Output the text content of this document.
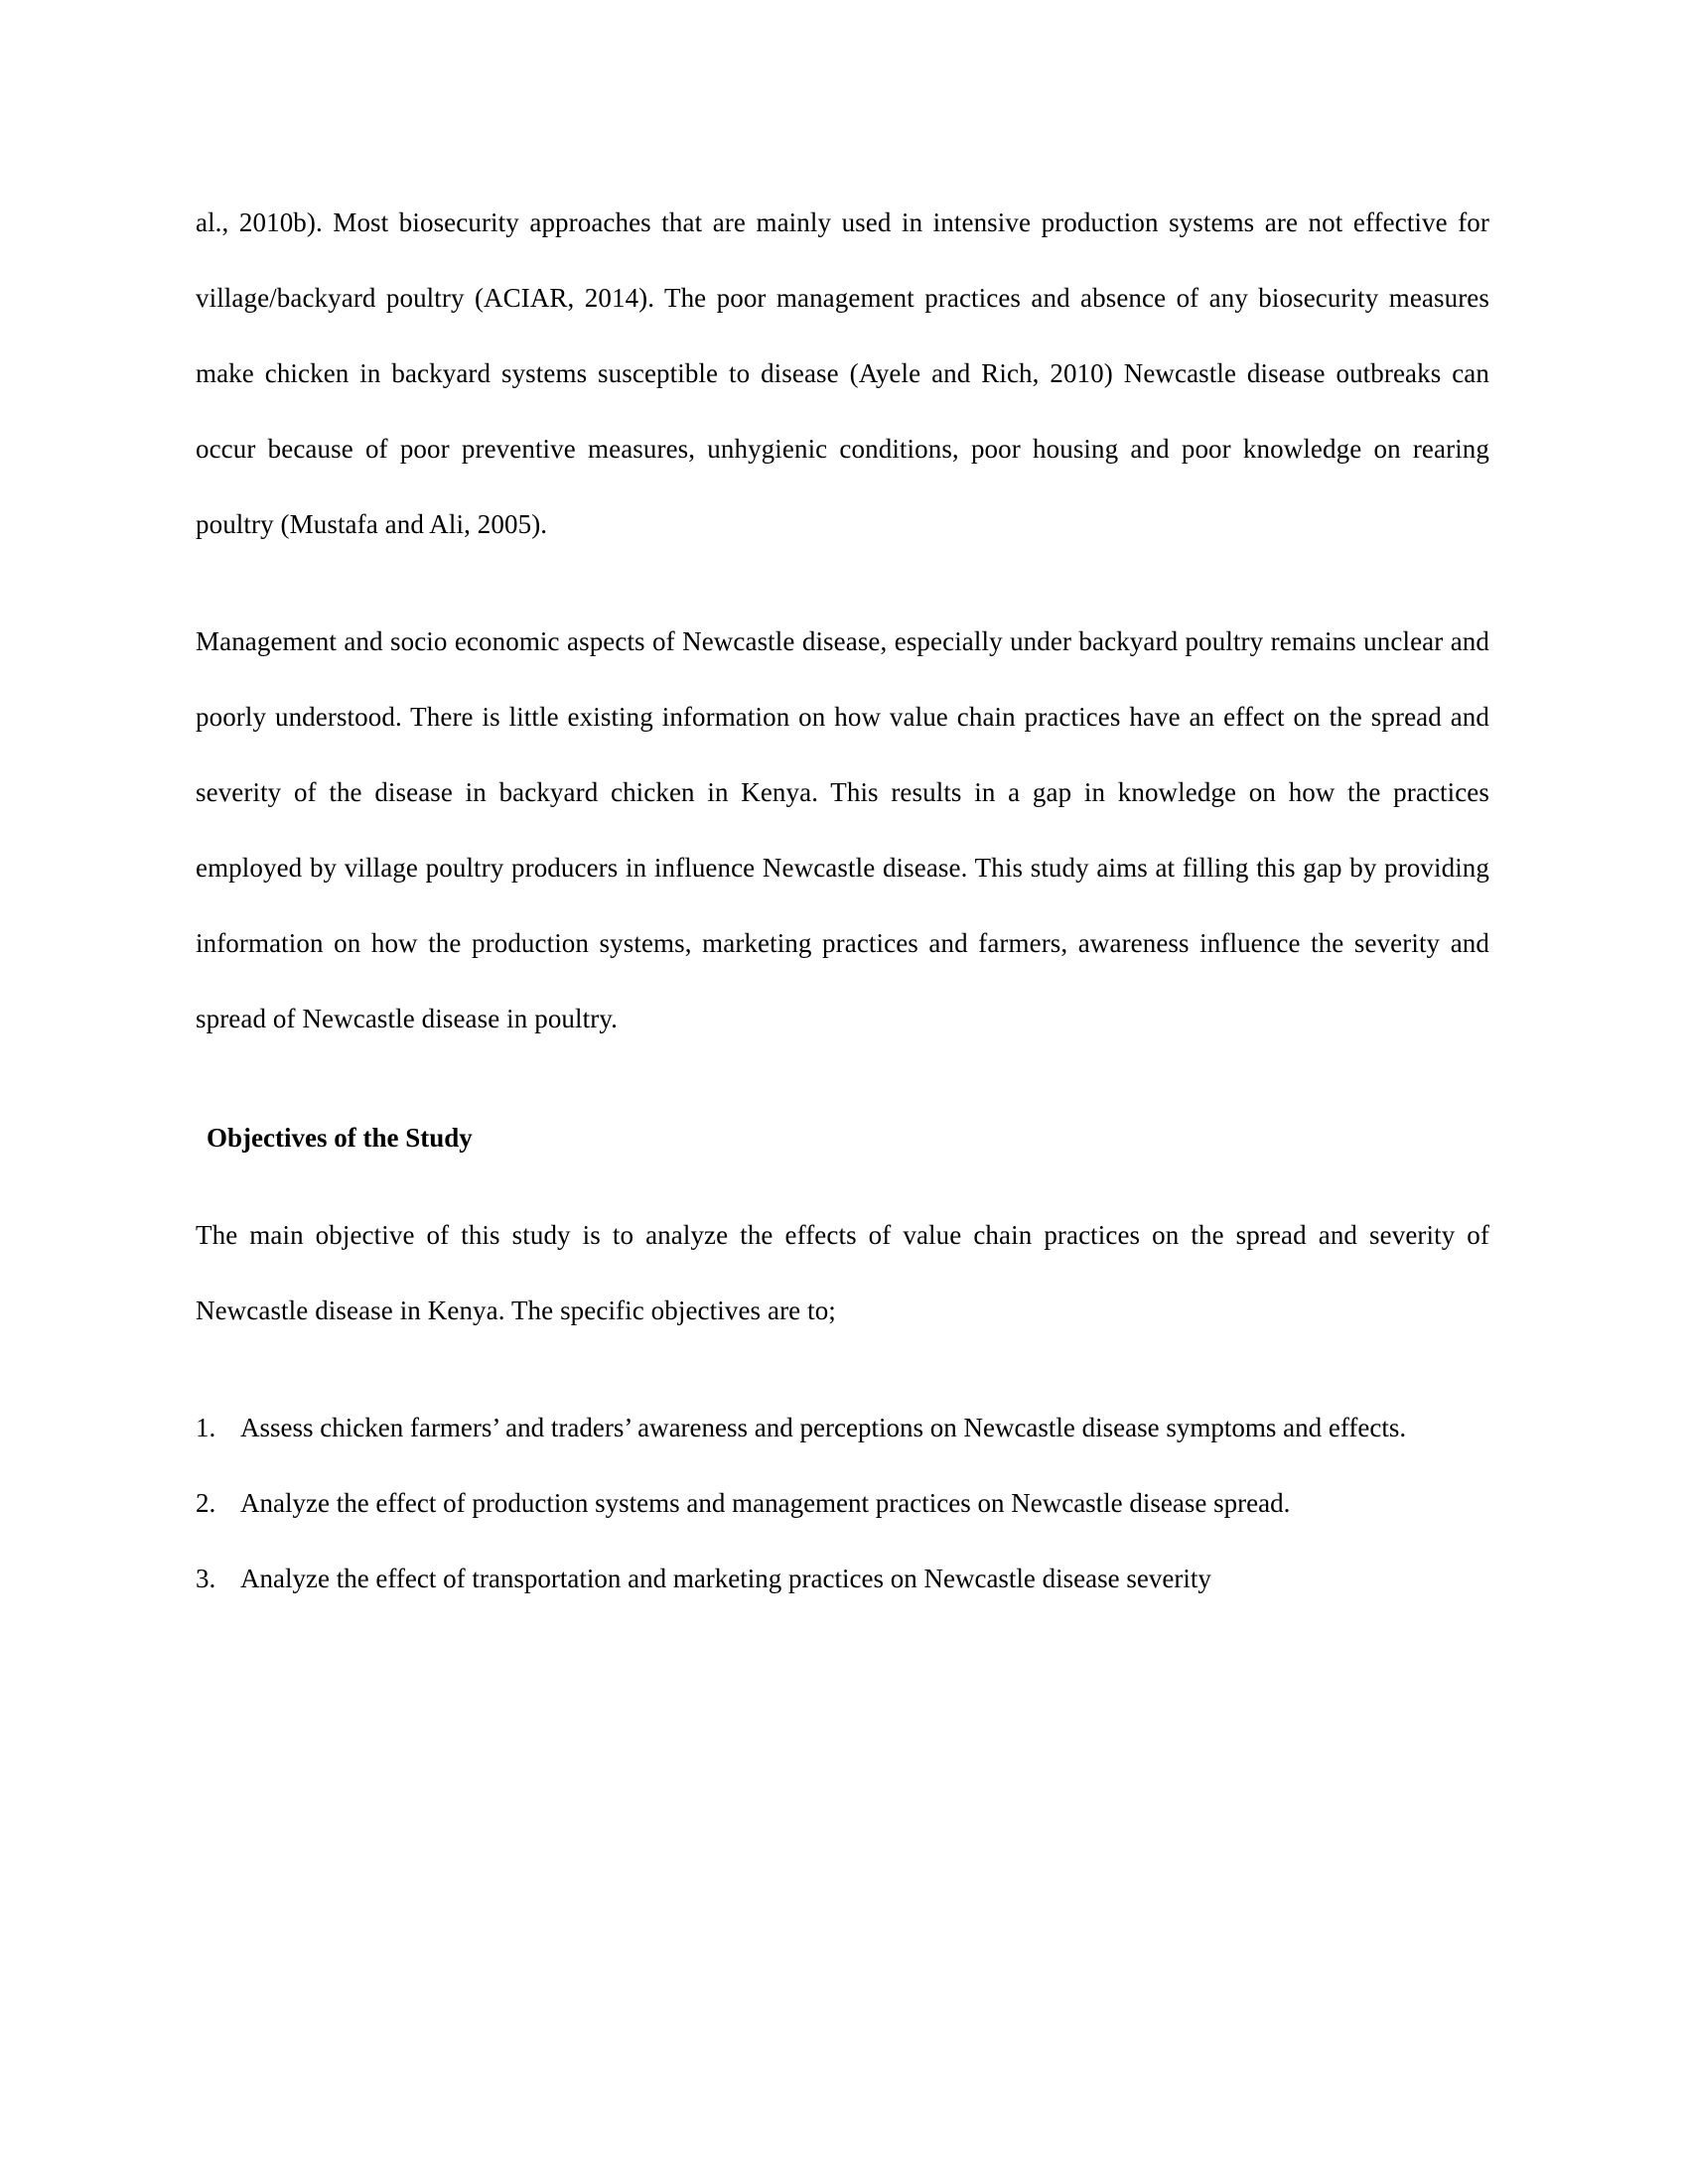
al., 2010b). Most biosecurity approaches that are mainly used in intensive production systems are not effective for village/backyard poultry (ACIAR, 2014). The poor management practices and absence of any biosecurity measures make chicken in backyard systems susceptible to disease (Ayele and Rich, 2010) Newcastle disease outbreaks can occur because of poor preventive measures, unhygienic conditions, poor housing and poor knowledge on rearing poultry (Mustafa and Ali, 2005).

Management and socio economic aspects of Newcastle disease, especially under backyard poultry remains unclear and poorly understood. There is little existing information on how value chain practices have an effect on the spread and severity of the disease in backyard chicken in Kenya. This results in a gap in knowledge on how the practices employed by village poultry producers in influence Newcastle disease. This study aims at filling this gap by providing information on how the production systems, marketing practices and farmers, awareness influence the severity and spread of Newcastle disease in poultry.

Objectives of the Study

The main objective of this study is to analyze the effects of value chain practices on the spread and severity of Newcastle disease in Kenya. The specific objectives are to;

1. Assess chicken farmers’ and traders’ awareness and perceptions on Newcastle disease symptoms and effects.
2. Analyze the effect of production systems and management practices on Newcastle disease spread.
3. Analyze the effect of transportation and marketing practices on Newcastle disease severity
